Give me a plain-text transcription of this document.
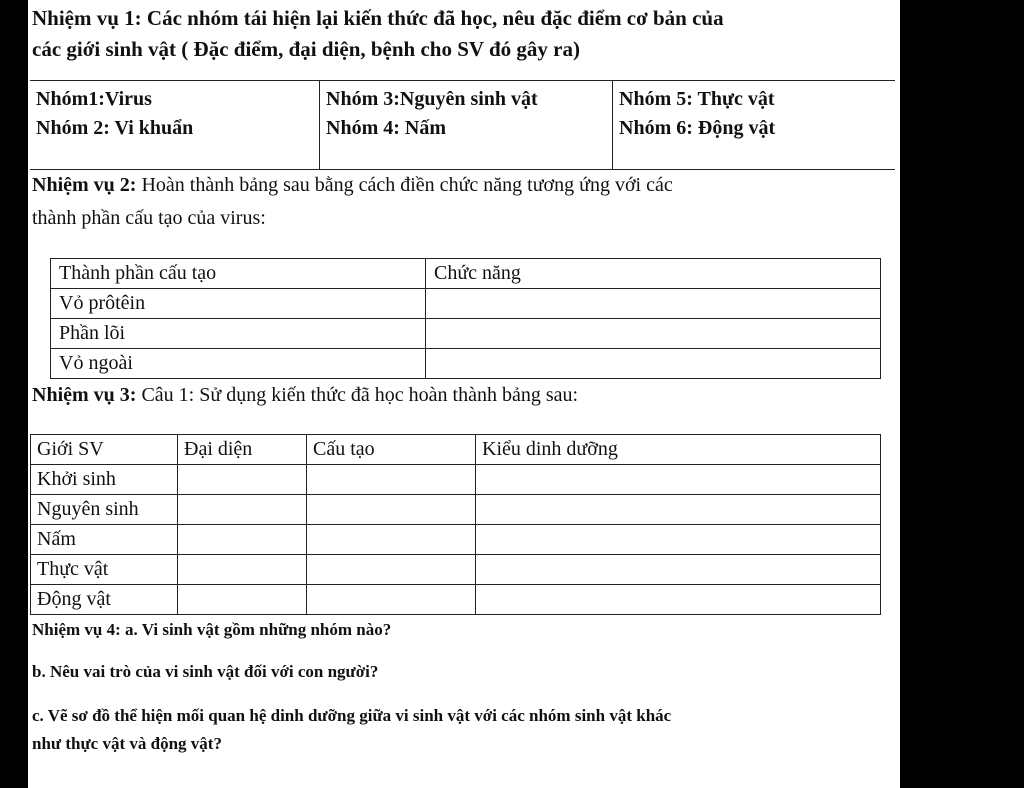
Nhiệm vụ 1: Các nhóm tái hiện lại kiến thức đã học, nêu đặc điểm cơ bản của
các giới sinh vật ( Đặc điểm, đại diện, bệnh cho SV đó gây ra)
Nhóm1:Virus
Nhóm 2: Vi khuẩn

Nhóm 3:Nguyên sinh vật
Nhóm 4: Nấm

Nhóm 5: Thực vật
Nhóm 6: Động vật
Nhiệm vụ 2: Hoàn thành bảng sau bằng cách điền chức năng tương ứng với các
thành phần cấu tạo của virus:
Thành phần cấu tạo	Chức năng
Vỏ prôtêin	
Phần lõi	
Vỏ ngoài	
Nhiệm vụ 3: Câu 1: Sử dụng kiến thức đã học hoàn thành bảng sau:
Giới SV	Đại diện	Cấu tạo	Kiểu dinh dưỡng
Khởi sinh			
Nguyên sinh			
Nấm			
Thực vật			
Động vật			
Nhiệm vụ 4: a. Vi sinh vật gồm những nhóm nào?
b. Nêu vai trò của vi sinh vật đối với con người?
c. Vẽ sơ đồ thể hiện mối quan hệ dinh dưỡng giữa vi sinh vật với các nhóm sinh vật khác
như thực vật và động vật?
